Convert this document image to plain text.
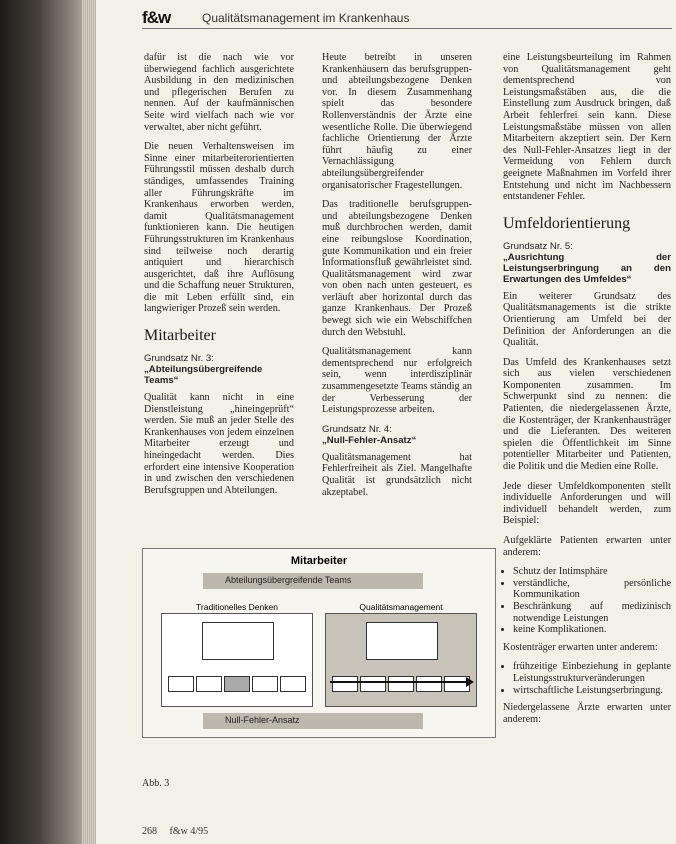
f&w	Qualitätsmanagement im Krankenhaus

dafür ist die nach wie vor überwiegend fachlich ausgerichtete Ausbildung in den medizinischen und pflegerischen Berufen zu nennen. Auf der kaufmännischen Seite wird vielfach nach wie vor verwaltet, aber nicht geführt.

Die neuen Verhaltensweisen im Sinne einer mitarbeiterorientierten Führungsstil müssen deshalb durch ständiges, umfassendes Training aller Führungskräfte im Krankenhaus erworben werden, damit Qualitätsmanagement funktionieren kann. Die heutigen Führungsstrukturen im Krankenhaus sind teilweise noch derartig antiquiert und hierarchisch ausgerichtet, daß ihre Auflösung und die Schaffung neuer Strukturen, die mit Leben erfüllt sind, ein langwieriger Prozeß sein werden.

Mitarbeiter
Grundsatz Nr. 3:
„Abteilungsübergreifende Teams“

Qualität kann nicht in eine Dienstleistung „hineingeprüft“ werden. Sie muß an jeder Stelle des Krankenhauses von jedem einzelnen Mitarbeiter erzeugt und hineingedacht werden. Dies erfordert eine intensive Kooperation in und zwischen den verschiedenen Berufsgruppen und Abteilungen.

Heute betreibt in unseren Krankenhäusern das berufsgruppen- und abteilungsbezogene Denken vor. In diesem Zusammenhang spielt das besondere Rollenverständnis der Ärzte eine wesentliche Rolle. Die überwiegend fachliche Orientierung der Ärzte führt häufig zu einer Vernachlässigung abteilungsübergreifender organisatorischer Fragestellungen.

Das traditionelle berufsgruppen- und abteilungsbezogene Denken muß durchbrochen werden, damit eine reibungslose Koordination, gute Kommunikation und ein freier Informationsfluß gewährleistet sind. Qualitätsmanagement wird zwar von oben nach unten gesteuert, es verläuft aber horizontal durch das ganze Krankenhaus. Der Prozeß bewegt sich wie ein Webschiffchen durch den Webstuhl.

Qualitätsmanagement kann dementsprechend nur erfolgreich sein, wenn interdisziplinär zusammengesetzte Teams ständig an der Verbesserung der Leistungsprozesse arbeiten.

Grundsatz Nr. 4:
„Null-Fehler-Ansatz“

Qualitätsmanagement hat Fehlerfreiheit als Ziel. Mangelhafte Qualität ist grundsätzlich nicht akzeptabel.

eine Leistungsbeurteilung im Rahmen von Qualitätsmanagement geht dementsprechend von Leistungsmaßstäben aus, die die Einstellung zum Ausdruck bringen, daß Arbeit fehlerfrei sein kann. Diese Leistungsmaßstäbe müssen von allen Mitarbeitern akzeptiert sein. Der Kern des Null-Fehler-Ansatzes liegt in der Vermeidung von Fehlern durch geeignete Maßnahmen im Vorfeld ihrer Entstehung und nicht im Nachbessern entstandener Fehler.

Umfeldorientierung
Grundsatz Nr. 5:
„Ausrichtung der Leistungserbringung an den Erwartungen des Umfeldes“

Ein weiterer Grundsatz des Qualitätsmanagements ist die strikte Orientierung am Umfeld bei der Definition der Anforderungen an die Qualität.

Das Umfeld des Krankenhauses setzt sich aus vielen verschiedenen Komponenten zusammen. Im Schwerpunkt sind zu nennen: die Patienten, die niedergelassenen Ärzte, die Kostenträger, der Krankenhausträger und die Lieferanten. Des weiteren spielen die Öffentlichkeit im Sinne potentieller Mitarbeiter und Patienten, die Politik und die Medien eine Rolle.

Jede dieser Umfeldkomponenten stellt individuelle Anforderungen und will individuell behandelt werden, zum Beispiel:

Aufgeklärte Patienten erwarten unter anderem:

• Schutz der Intimsphäre
• verständliche, persönliche Kommunikation
• Beschränkung auf medizinisch notwendige Leistungen
• keine Komplikationen.

Kostenträger erwarten unter anderem:

• frühzeitige Einbeziehung in geplante Leistungsstrukturveränderungen
• wirtschaftliche Leistungserbringung.

Niedergelassene Ärzte erwarten unter anderem:

Mitarbeiter
Abteilungsübergreifende Teams
Traditionelles Denken	Qualitätsmanagement
Null-Fehler-Ansatz
Abb. 3
268 f&w 4/95
